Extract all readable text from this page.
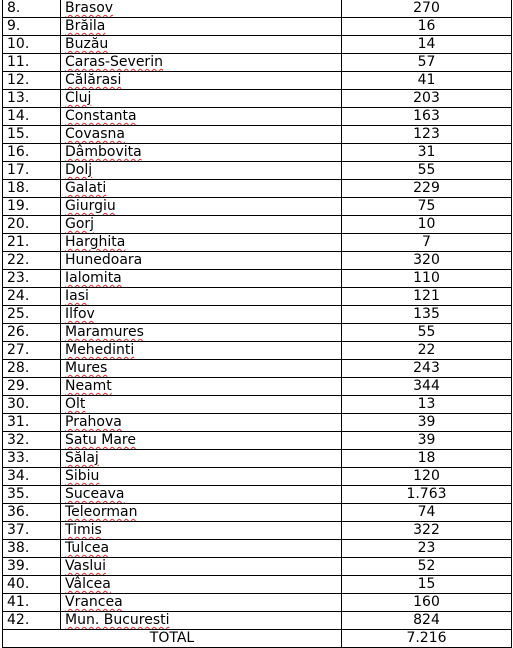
8.	Brasov	270
9.	Brăila	16
10.	Buzău	14
11.	Caras-Severin	57
12.	Călărasi	41
13.	Cluj	203
14.	Constanta	163
15.	Covasna	123
16.	Dâmbovita	31
17.	Dolj	55
18.	Galati	229
19.	Giurgiu	75
20.	Gorj	10
21.	Harghita	7
22.	Hunedoara	320
23.	Ialomita	110
24.	Iasi	121
25.	Ilfov	135
26.	Maramures	55
27.	Mehedinti	22
28.	Mures	243
29.	Neamt	344
30.	Olt	13
31.	Prahova	39
32.	Satu Mare	39
33.	Sălaj	18
34.	Sibiu	120
35.	Suceava	1.763
36.	Teleorman	74
37.	Timis	322
38.	Tulcea	23
39.	Vaslui	52
40.	Vâlcea	15
41.	Vrancea	160
42.	Mun. Bucuresti	824
TOTAL		7.216
